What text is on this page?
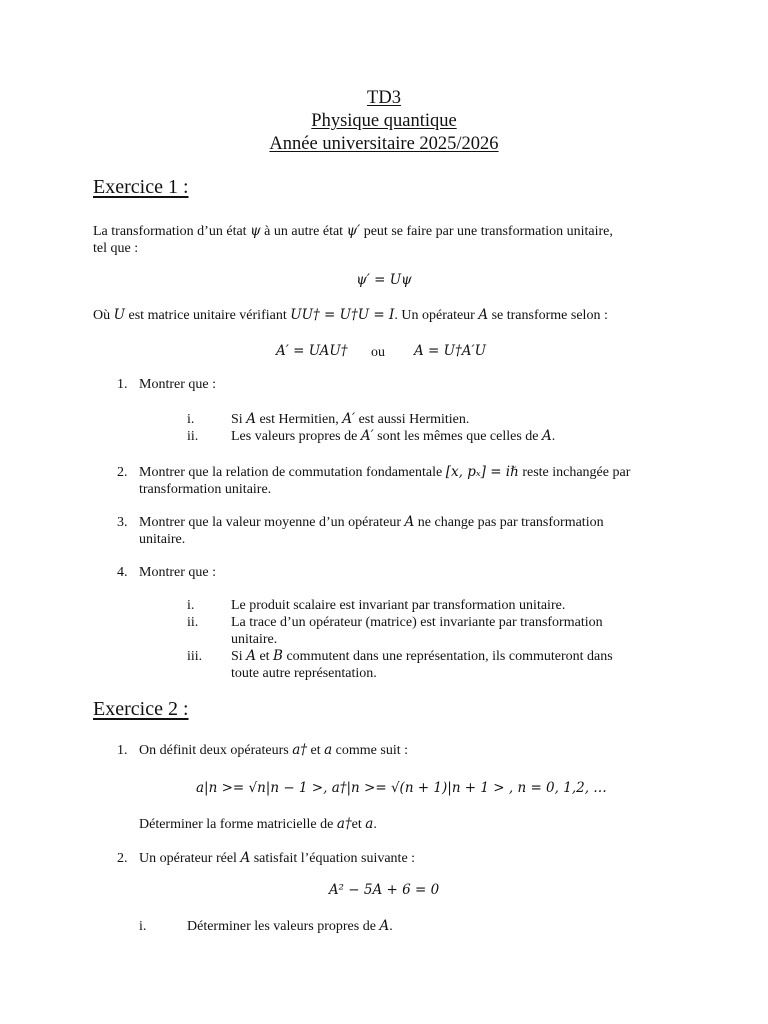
TD3
Physique quantique
Année universitaire 2025/2026
Exercice 1 :
La transformation d’un état ψ à un autre état ψ′ peut se faire par une transformation unitaire,
tel que :
ψ′ = Uψ
Où U est matrice unitaire vérifiant UU† = U†U = I. Un opérateur A se transforme selon :
A′ = UAU† ou A = U†A′U
1. Montrer que :
i.	Si A est Hermitien, A′ est aussi Hermitien.
ii. Les valeurs propres de A′ sont les mêmes que celles de A.
2. Montrer que la relation de commutation fondamentale [x, pₓ] = iℏ reste inchangée par
transformation unitaire.
3. Montrer que la valeur moyenne d’un opérateur A ne change pas par transformation
unitaire.
4. Montrer que :
i.	Le produit scalaire est invariant par transformation unitaire.
ii. La trace d’un opérateur (matrice) est invariante par transformation
unitaire.
iii. Si A et B commutent dans une représentation, ils commuteront dans
toute autre représentation.
Exercice 2 :
1. On définit deux opérateurs a† et a comme suit :
a|n >= √n|n − 1 >, a†|n >= √(n + 1)|n + 1 > , n = 0, 1,2, …
Déterminer la forme matricielle de a†et a.
2. Un opérateur réel A satisfait l’équation suivante :
A² − 5A + 6 = 0
i.	Déterminer les valeurs propres de A.
